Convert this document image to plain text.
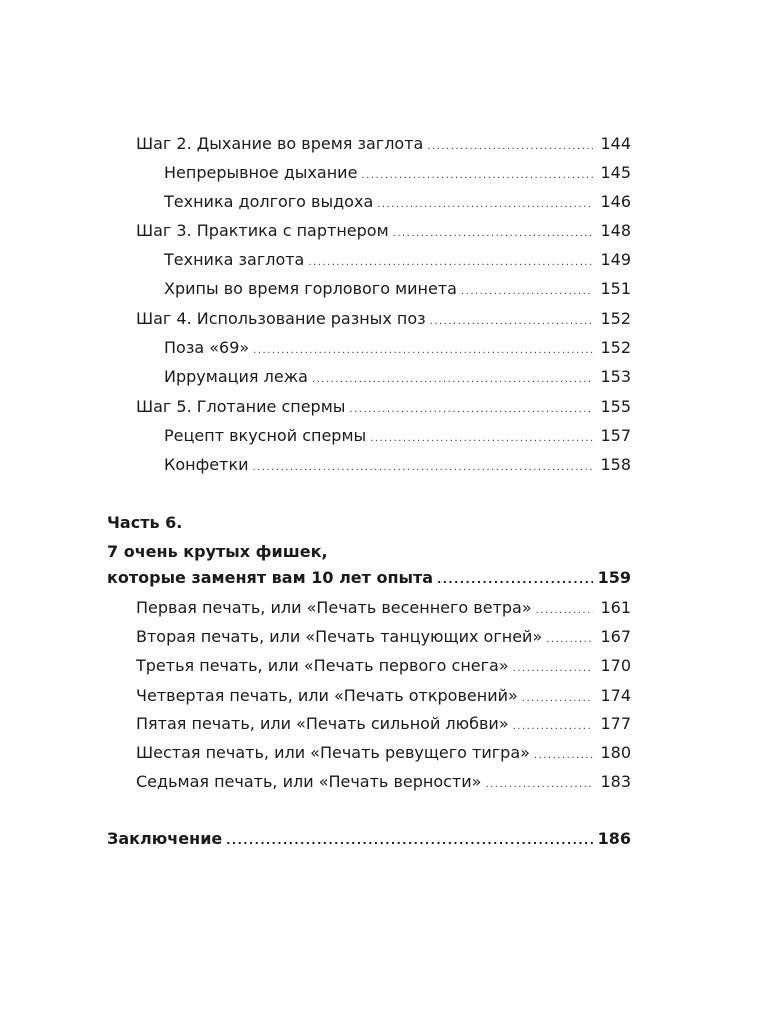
Шаг 2. Дыхание во время заглота .....	144
Непрерывное дыхание .....	145
Техника долгого выдоха .....	146
Шаг 3. Практика с партнером .....	148
Техника заглота .....	149
Хрипы во время горлового минета .....	151
Шаг 4. Использование разных поз .....	152
Поза «69» .....	152
Иррумация лежа .....	153
Шаг 5. Глотание спермы .....	155
Рецепт вкусной спермы .....	157
Конфетки .....	158
Часть 6.
7 очень крутых фишек,
которые заменят вам 10 лет опыта .....	159
Первая печать, или «Печать весеннего ветра» .....	161
Вторая печать, или «Печать танцующих огней» .....	167
Третья печать, или «Печать первого снега» .....	170
Четвертая печать, или «Печать откровений» .....	174
Пятая печать, или «Печать сильной любви» .....	177
Шестая печать, или «Печать ревущего тигра» .....	180
Седьмая печать, или «Печать верности» .....	183
Заключение .....	186
